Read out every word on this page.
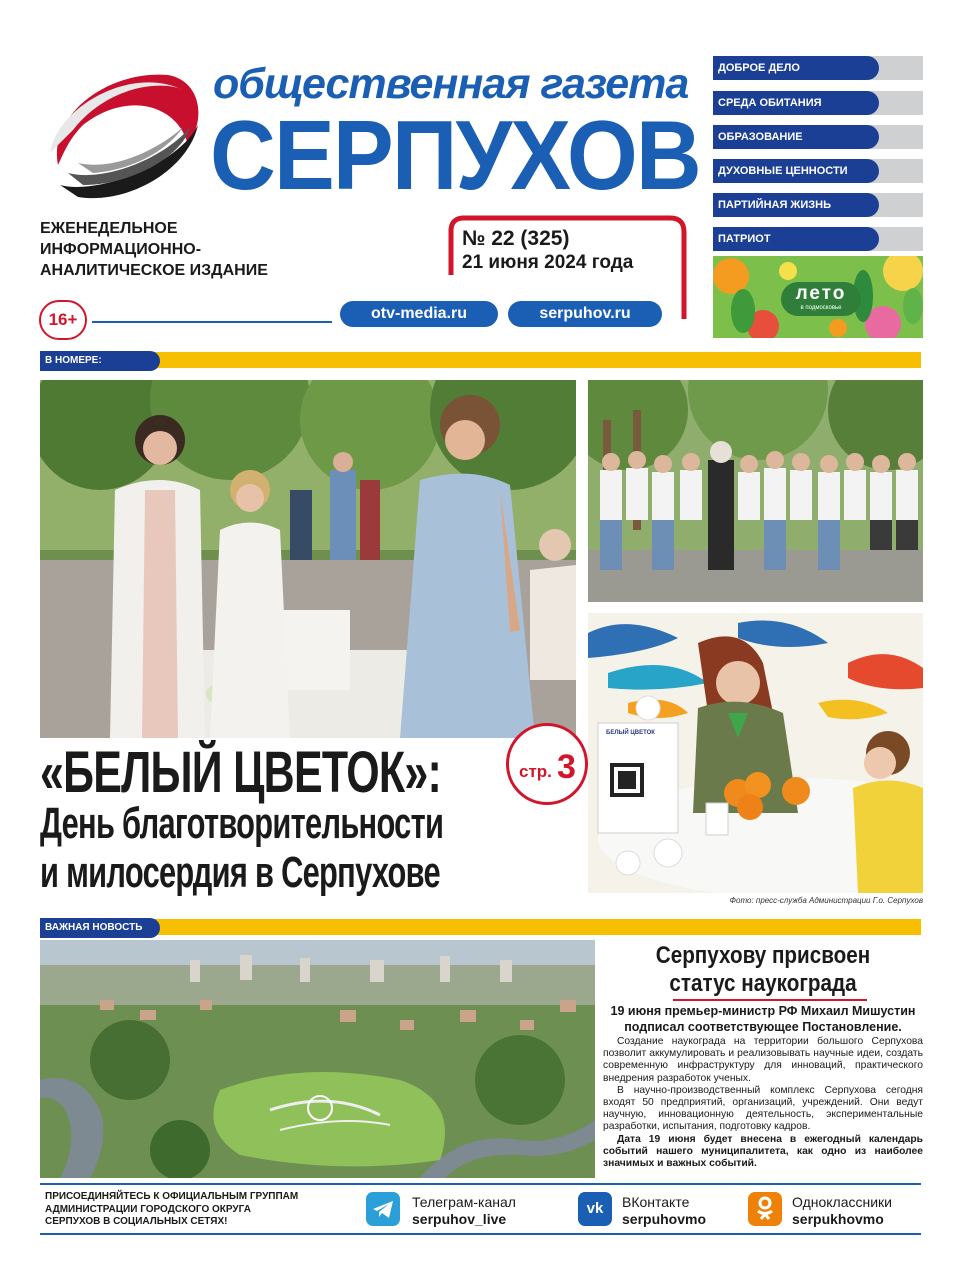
общественная газета
СЕРПУХОВ
ЕЖЕНЕДЕЛЬНОЕ
ИНФОРМАЦИОННО-
АНАЛИТИЧЕСКОЕ ИЗДАНИЕ
№ 22 (325)
21 июня 2024 года
16+	otv-media.ru	serpuhov.ru
ДОБРОЕ ДЕЛО
СРЕДА ОБИТАНИЯ
ОБРАЗОВАНИЕ
ДУХОВНЫЕ ЦЕННОСТИ
ПАРТИЙНАЯ ЖИЗНЬ
ПАТРИОТ
лето
в подмосковье
В НОМЕРЕ:
БЕЛЫЙ ЦВЕТОК
«БЕЛЫЙ ЦВЕТОК»:
День благотворительности
и милосердия в Серпухове
стр. 3
Фото: пресс-служба Администрации Г.о. Серпухов
ВАЖНАЯ НОВОСТЬ
Серпухову присвоен
статус наукограда
19 июня премьер-министр РФ Михаил Мишустин подписал соответствующее Постановление.

Создание наукограда на территории большого Серпухова позволит аккумулировать и реализовывать научные идеи, создать современную инфраструктуру для инноваций, практического внедрения разработок ученых.

В научно-производственный комплекс Серпухова сегодня входят 50 предприятий, организаций, учреждений. Они ведут научную, инновационную деятельность, экспериментальные разработки, испытания, подготовку кадров.

Дата 19 июня будет внесена в ежегодный календарь событий нашего муниципалитета, как одно из наиболее значимых и важных событий.

ПРИСОЕДИНЯЙТЕСЬ К ОФИЦИАЛЬНЫМ ГРУППАМ
АДМИНИСТРАЦИИ ГОРОДСКОГО ОКРУГА
СЕРПУХОВ В СОЦИАЛЬНЫХ СЕТЯХ!
Телеграм-канал
serpuhov_live
vk	ВКонтакте
serpuhovmo
Одноклассники
serpukhovmo
